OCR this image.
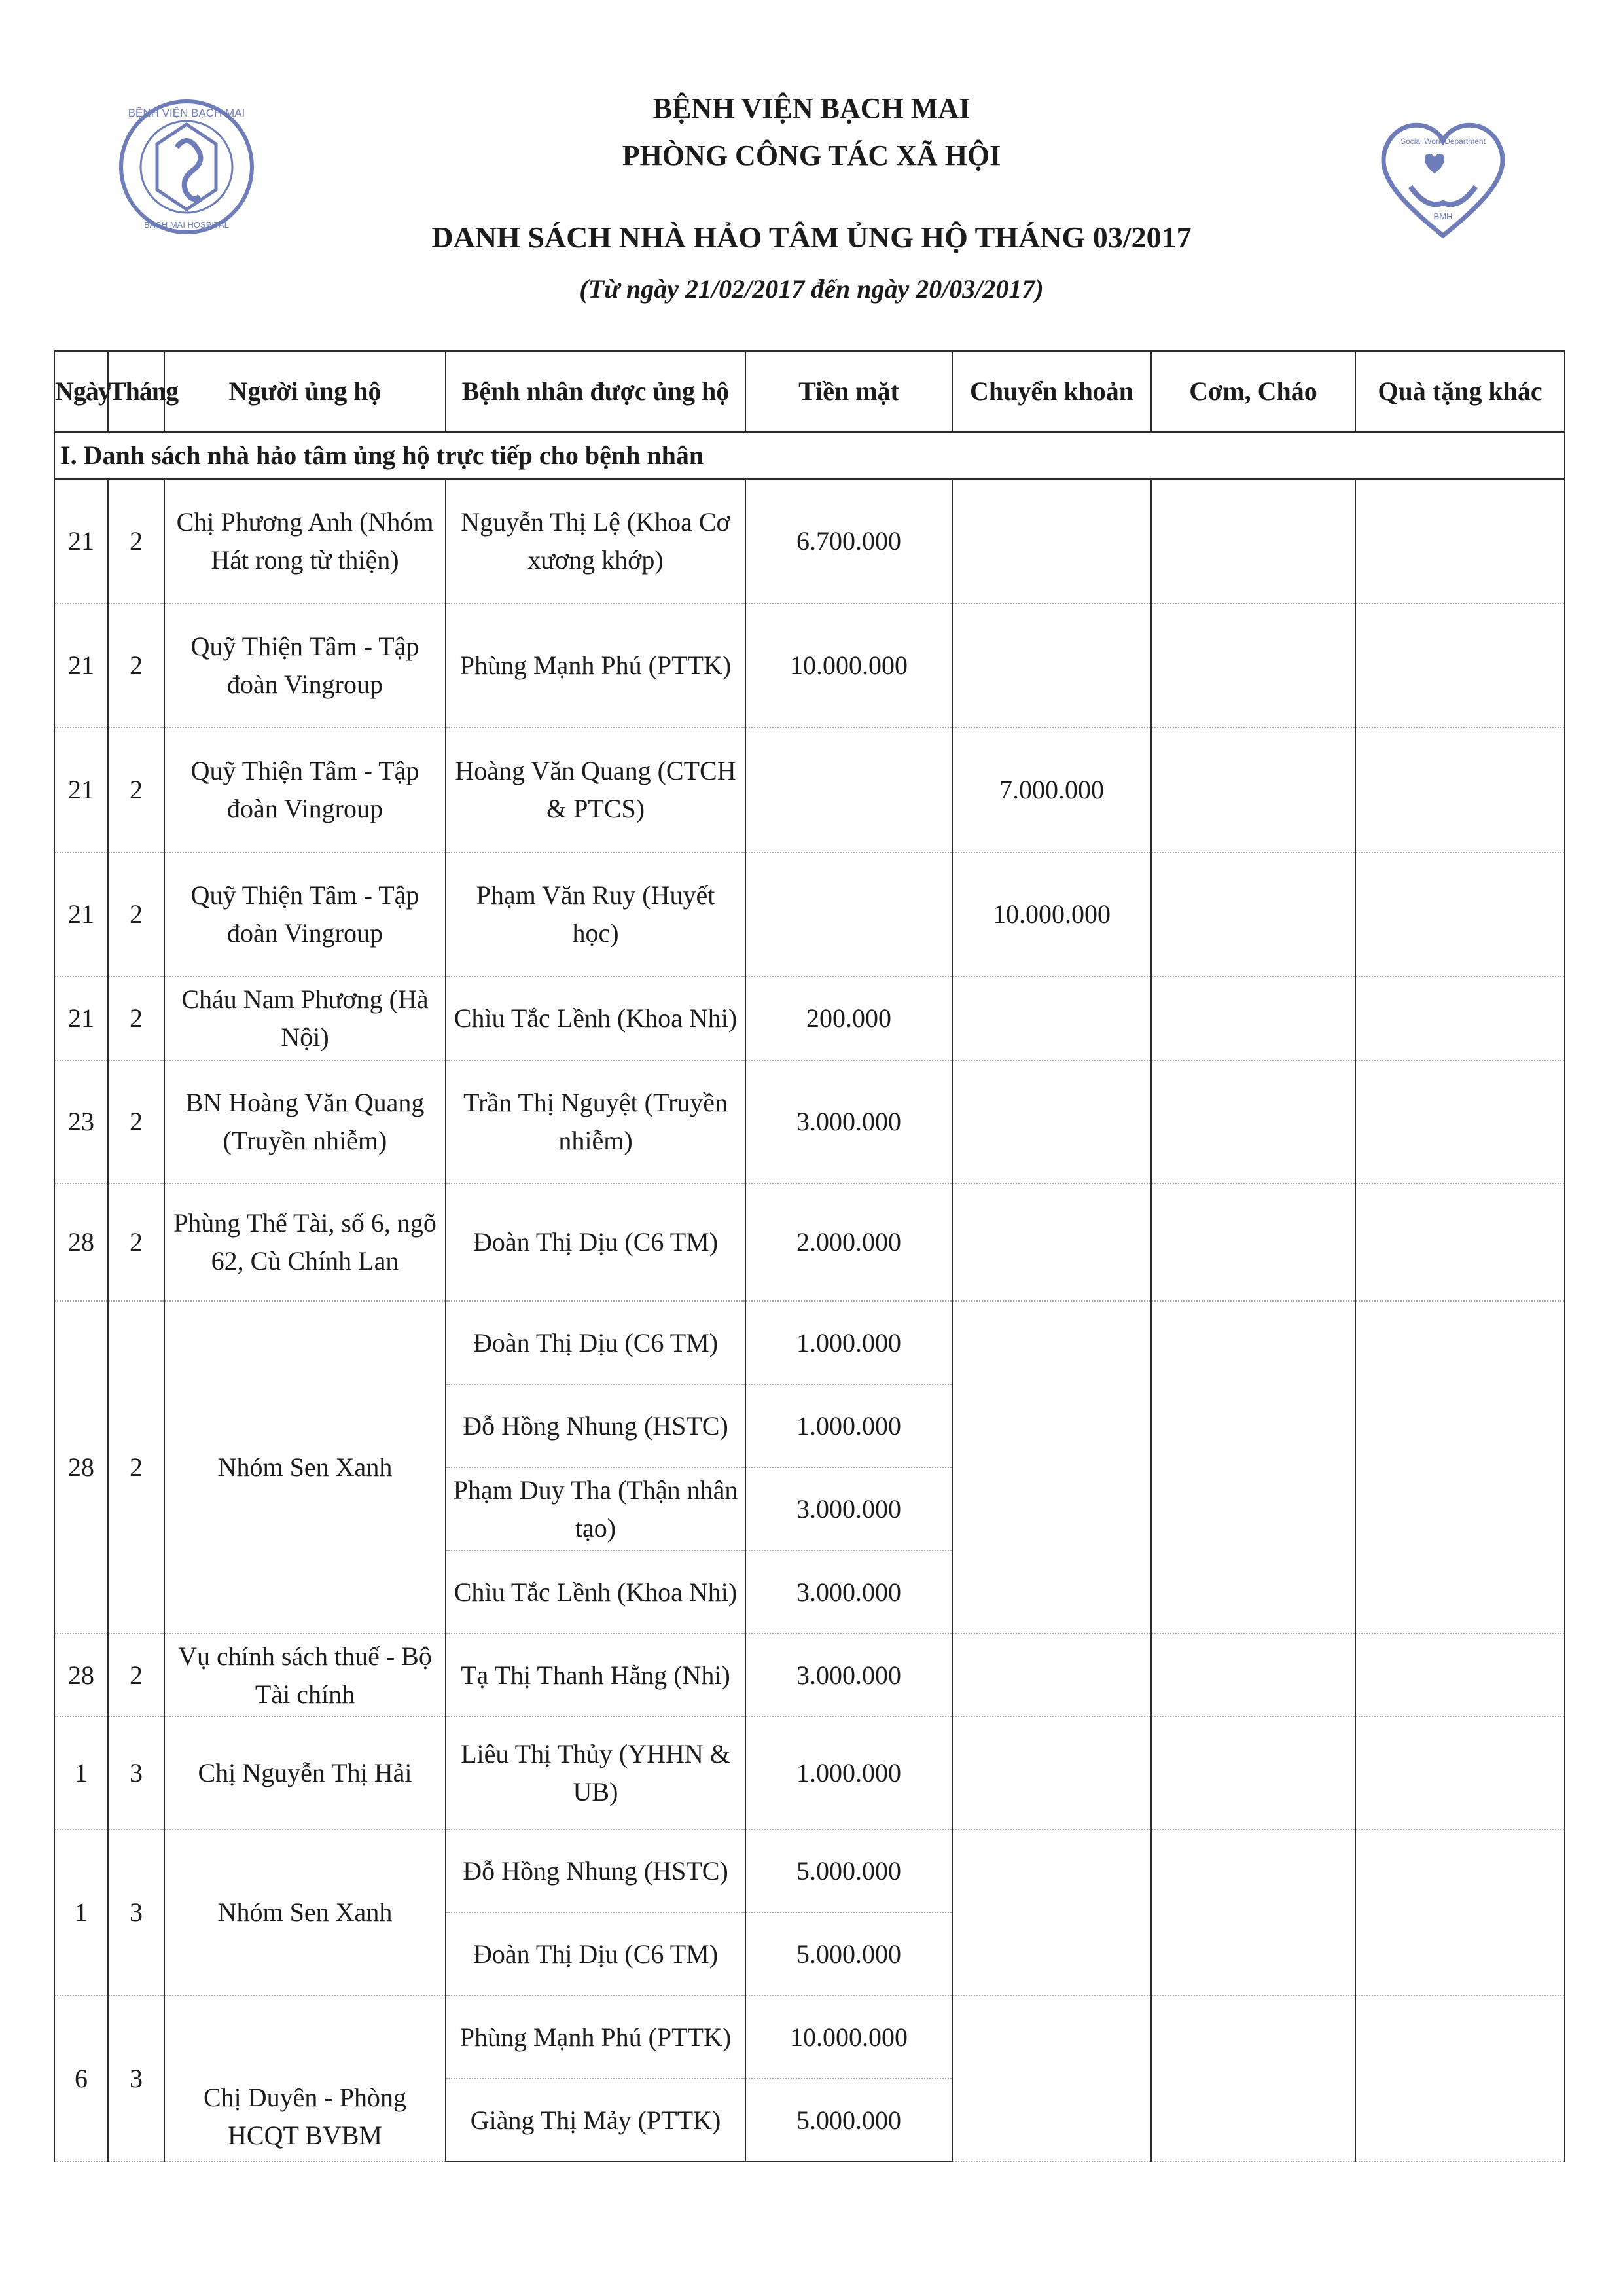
BỆNH VIỆN BẠCH MAI
BACH MAI HOSPITAL
Social Work Department
BMH
BỆNH VIỆN BẠCH MAI
PHÒNG CÔNG TÁC XÃ HỘI
DANH SÁCH NHÀ HẢO TÂM ỦNG HỘ THÁNG 03/2017
(Từ ngày 21/02/2017 đến ngày 20/03/2017)
Ngày	Tháng	Người ủng hộ	Bệnh nhân được ủng hộ	Tiền mặt	Chuyển khoản	Cơm, Cháo	Quà tặng khác
I. Danh sách nhà hảo tâm ủng hộ trực tiếp cho bệnh nhân							
21	2	Chị Phương Anh (Nhóm Hát rong từ thiện)	Nguyễn Thị Lệ (Khoa Cơ xương khớp)	6.700.000			
21	2	Quỹ Thiện Tâm - Tập đoàn Vingroup	Phùng Mạnh Phú (PTTK)	10.000.000			
21	2	Quỹ Thiện Tâm - Tập đoàn Vingroup	Hoàng Văn Quang (CTCH & PTCS)		7.000.000		
21	2	Quỹ Thiện Tâm - Tập đoàn Vingroup	Phạm Văn Ruy (Huyết học)		10.000.000		
21	2	Cháu Nam Phương (Hà Nội)	Chìu Tắc Lềnh (Khoa Nhi)	200.000			
23	2	BN Hoàng Văn Quang (Truyền nhiễm)	Trần Thị Nguyệt (Truyền nhiễm)	3.000.000			
28	2	Phùng Thế Tài, số 6, ngõ 62, Cù Chính Lan	Đoàn Thị Dịu (C6 TM)	2.000.000			
28	2	Nhóm Sen Xanh	Đoàn Thị Dịu (C6 TM)	1.000.000			
			Đỗ Hồng Nhung (HSTC)	1.000.000			
			Phạm Duy Tha (Thận nhân tạo)	3.000.000			
			Chìu Tắc Lềnh (Khoa Nhi)	3.000.000			
28	2	Vụ chính sách thuế - Bộ Tài chính	Tạ Thị Thanh Hằng (Nhi)	3.000.000			
1	3	Chị Nguyễn Thị Hải	Liêu Thị Thủy (YHHN & UB)	1.000.000			
1	3	Nhóm Sen Xanh	Đỗ Hồng Nhung (HSTC)	5.000.000			
			Đoàn Thị Dịu (C6 TM)	5.000.000			
6	3	Chị Duyên - Phòng HCQT BVBM	Phùng Mạnh Phú (PTTK)	10.000.000			
			Giàng Thị Mảy (PTTK)	5.000.000			
